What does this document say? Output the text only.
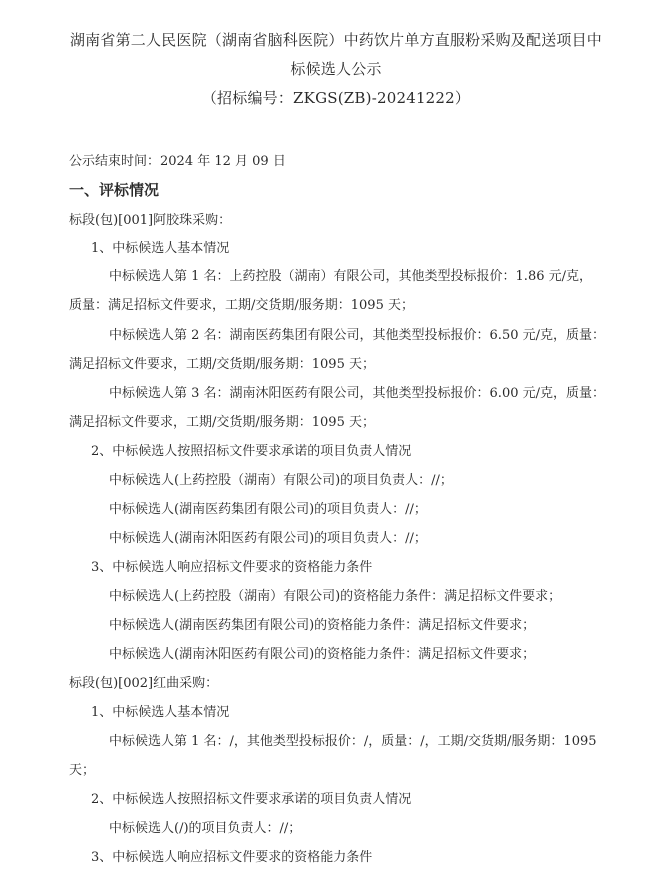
湖南省第二人民医院（湖南省脑科医院）中药饮片单方直服粉采购及配送项目中
标候选人公示
（招标编号：ZKGS(ZB)-20241222）
公示结束时间：2024 年 12 月 09 日
一、评标情况
标段(包)[001]阿胶珠采购：
1、中标候选人基本情况
中标候选人第 1 名：上药控股（湖南）有限公司，其他类型投标报价：1.86 元/克，
质量：满足招标文件要求，工期/交货期/服务期：1095 天；
中标候选人第 2 名：湖南医药集团有限公司，其他类型投标报价：6.50 元/克，质量：
满足招标文件要求，工期/交货期/服务期：1095 天；
中标候选人第 3 名：湖南沐阳医药有限公司，其他类型投标报价：6.00 元/克，质量：
满足招标文件要求，工期/交货期/服务期：1095 天；
2、中标候选人按照招标文件要求承诺的项目负责人情况
中标候选人(上药控股（湖南）有限公司)的项目负责人：//；
中标候选人(湖南医药集团有限公司)的项目负责人：//；
中标候选人(湖南沐阳医药有限公司)的项目负责人：//；
3、中标候选人响应招标文件要求的资格能力条件
中标候选人(上药控股（湖南）有限公司)的资格能力条件：满足招标文件要求；
中标候选人(湖南医药集团有限公司)的资格能力条件：满足招标文件要求；
中标候选人(湖南沐阳医药有限公司)的资格能力条件：满足招标文件要求；
标段(包)[002]红曲采购：
1、中标候选人基本情况
中标候选人第 1 名：/，其他类型投标报价：/，质量：/，工期/交货期/服务期：1095
天；
2、中标候选人按照招标文件要求承诺的项目负责人情况
中标候选人(/)的项目负责人：//；
3、中标候选人响应招标文件要求的资格能力条件
